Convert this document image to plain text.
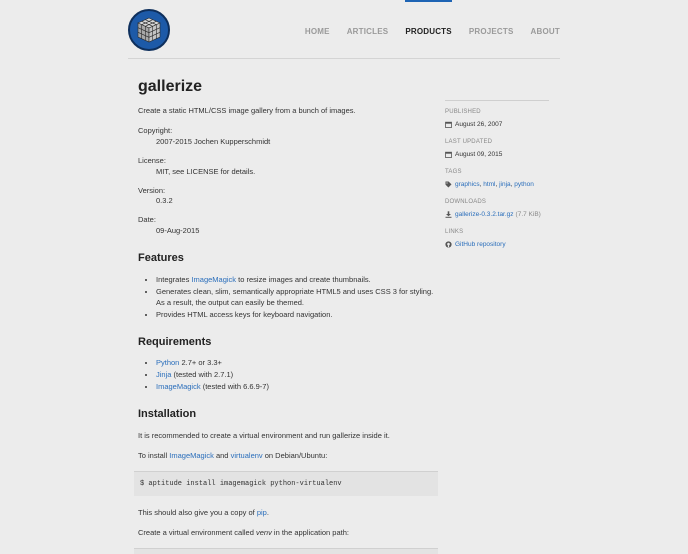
HOME ARTICLES PRODUCTS PROJECTS ABOUT
gallerize

Create a static HTML/CSS image gallery from a bunch of images.

Copyright:
2007-2015 Jochen Kupperschmidt
License:
MIT, see LICENSE for details.
Version:
0.3.2
Date:
09-Aug-2015
Features
• Integrates ImageMagick to resize images and create thumbnails.
• Generates clean, slim, semantically appropriate HTML5 and uses CSS 3 for styling. As a result, the output can easily be themed.
• Provides HTML access keys for keyboard navigation.
Requirements
• Python 2.7+ or 3.3+
• Jinja (tested with 2.7.1)
• ImageMagick (tested with 6.6.9-7)
Installation

It is recommended to create a virtual environment and run gallerize inside it.

To install ImageMagick and virtualenv on Debian/Ubuntu:

$ aptitude install imagemagick python-virtualenv

This should also give you a copy of pip.

Create a virtual environment called venv in the application path:

PUBLISHED
August 26, 2007
LAST UPDATED
August 09, 2015
TAGS
graphics , html , jinja , python
DOWNLOADS
gallerize-0.3.2.tar.gz (7.7 KiB)
LINKS
GitHub repository
